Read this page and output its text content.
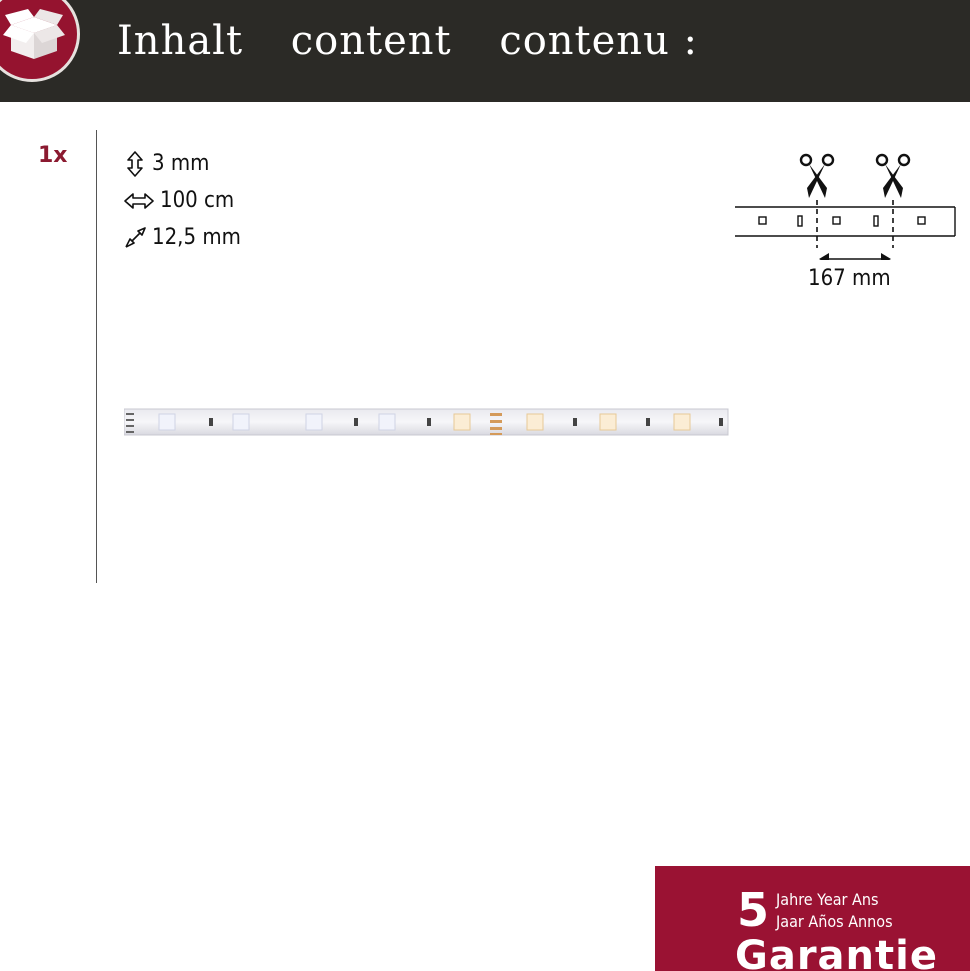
Inhalt content contenu :
1x	3 mm
100 cm
12,5 mm
167 mm
5 Jahre Year Ans
Jaar Años Annos
Garantie
